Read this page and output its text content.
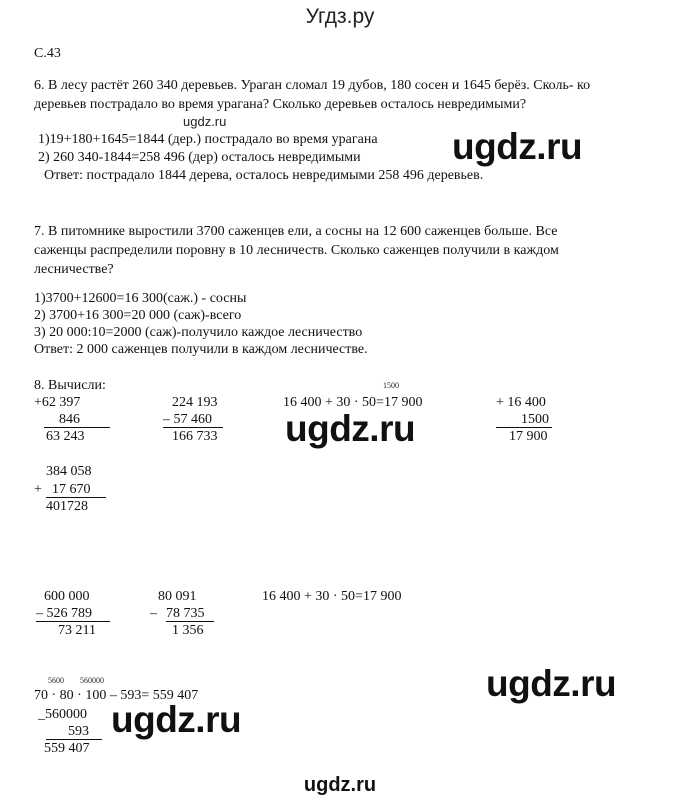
Угдз.ру
С.43
6. В лесу растёт 260 340 деревьев. Ураган сломал 19 дубов, 180 сосен и 1645 берёз. Сколь- ко
деревьев пострадало во время урагана? Сколько деревьев осталось невредимыми?
ugdz.ru
1)19+180+1645=1844 (дер.) пострадало во время урагана
2) 260 340-1844=258 496 (дер) осталось невредимыми
Ответ: пострадало 1844 дерева, осталось невредимыми 258 496 деревьев.
ugdz.ru
7. В питомнике выростили 3700 саженцев ели, а сосны на 12 600 саженцев больше. Все
саженцы распределили поровну в 10 лесничеств. Сколько саженцев получили в каждом
лесничестве?
1)3700+12600=16 300(саж.) - сосны
2) 3700+16 300=20 000 (саж)-всего
3) 20 000:10=2000 (саж)-получило каждое лесничество
Ответ: 2 000 саженцев получили в каждом лесничестве.
8. Вычисли:
+62 397
846
63 243
224 193
– 57 460
166 733
1500
16 400 + 30 · 50=17 900	+ 16 400
1500
17 900
ugdz.ru
384 058
+ 17 670
401728
600 000
– 526 789
73 211
80 091
– 78 735
1 356
16 400 + 30 · 50=17 900
5600 560000
70 · 80 · 100 – 593= 559 407
_560000
593
559 407
ugdz.ru
ugdz.ru
ugdz.ru
